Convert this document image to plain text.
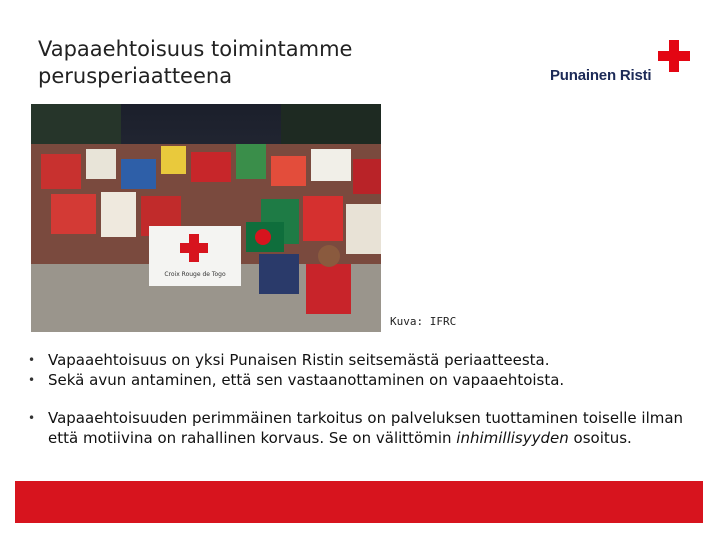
Vapaaehtoisuus toimintamme
perusperiaatteena	Punainen Risti
Croix Rouge de Togo
Kuva: IFRC
• Vapaaehtoisuus on yksi Punaisen Ristin seitsemästä periaatteesta.
• Sekä avun antaminen, että sen vastaanottaminen on vapaaehtoista.
• Vapaaehtoisuuden perimmäinen tarkoitus on palveluksen tuottaminen toiselle ilman että motiivina on rahallinen korvaus. Se on välittömin inhimillisyyden osoitus.
